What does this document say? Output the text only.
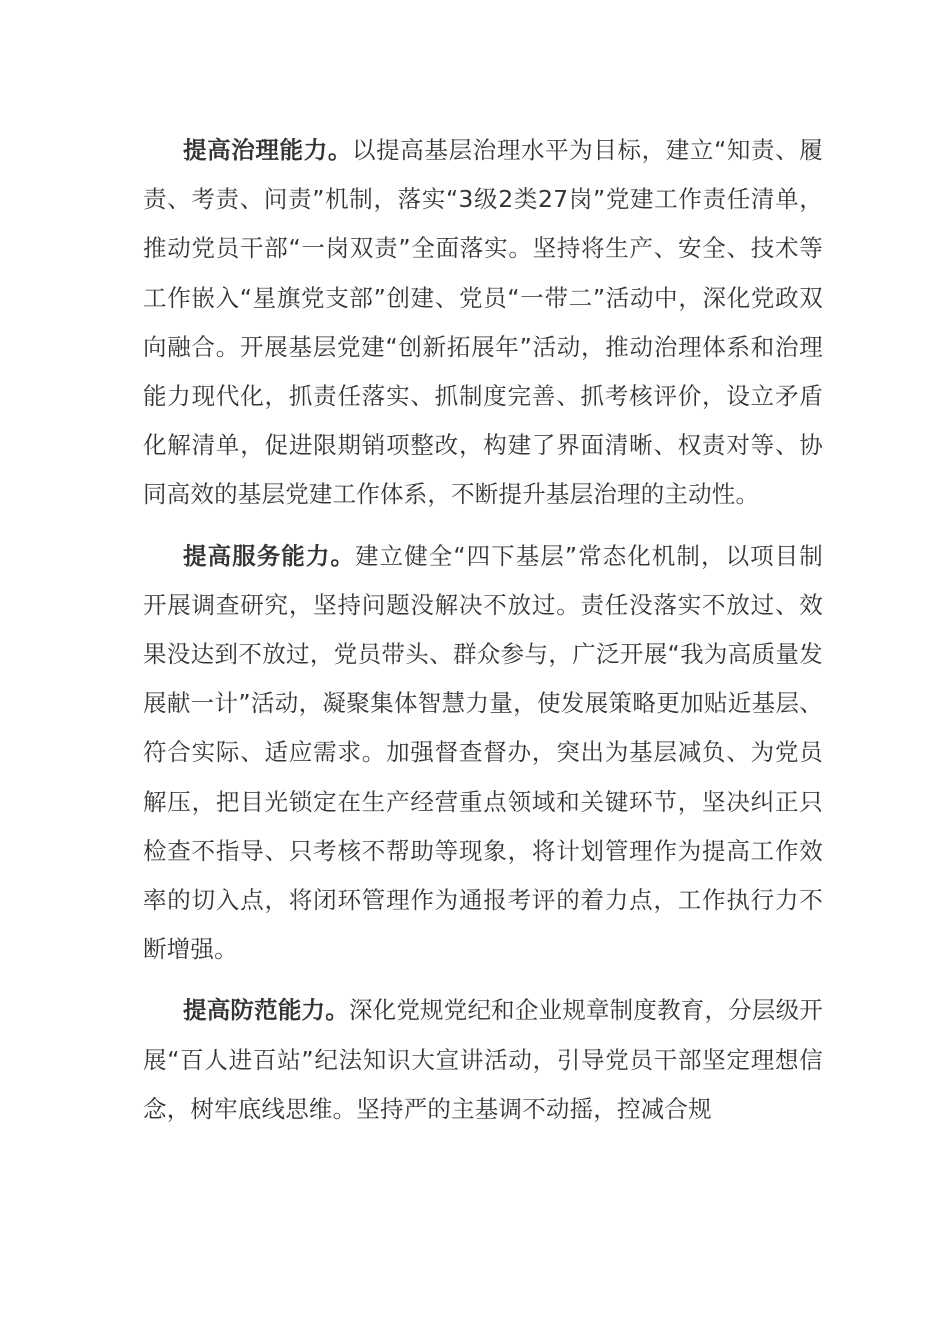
提高治理能力。以提高基层治理水平为目标，建立“知责、履责、考责、问责”机制，落实“3级2类27岗”党建工作责任清单，推动党员干部“一岗双责”全面落实。坚持将生产、安全、技术等工作嵌入“星旗党支部”创建、党员“一带二”活动中，深化党政双向融合。开展基层党建“创新拓展年”活动，推动治理体系和治理能力现代化，抓责任落实、抓制度完善、抓考核评价，设立矛盾化解清单，促进限期销项整改，构建了界面清晰、权责对等、协同高效的基层党建工作体系，不断提升基层治理的主动性。

提高服务能力。建立健全“四下基层”常态化机制，以项目制开展调查研究，坚持问题没解决不放过。责任没落实不放过、效果没达到不放过，党员带头、群众参与，广泛开展“我为高质量发展献一计”活动，凝聚集体智慧力量，使发展策略更加贴近基层、符合实际、适应需求。加强督查督办，突出为基层减负、为党员解压，把目光锁定在生产经营重点领域和关键环节，坚决纠正只检查不指导、只考核不帮助等现象，将计划管理作为提高工作效率的切入点，将闭环管理作为通报考评的着力点，工作执行力不断增强。

提高防范能力。深化党规党纪和企业规章制度教育，分层级开展“百人进百站”纪法知识大宣讲活动，引导党员干部坚定理想信念，树牢底线思维。坚持严的主基调不动摇，控减合规
